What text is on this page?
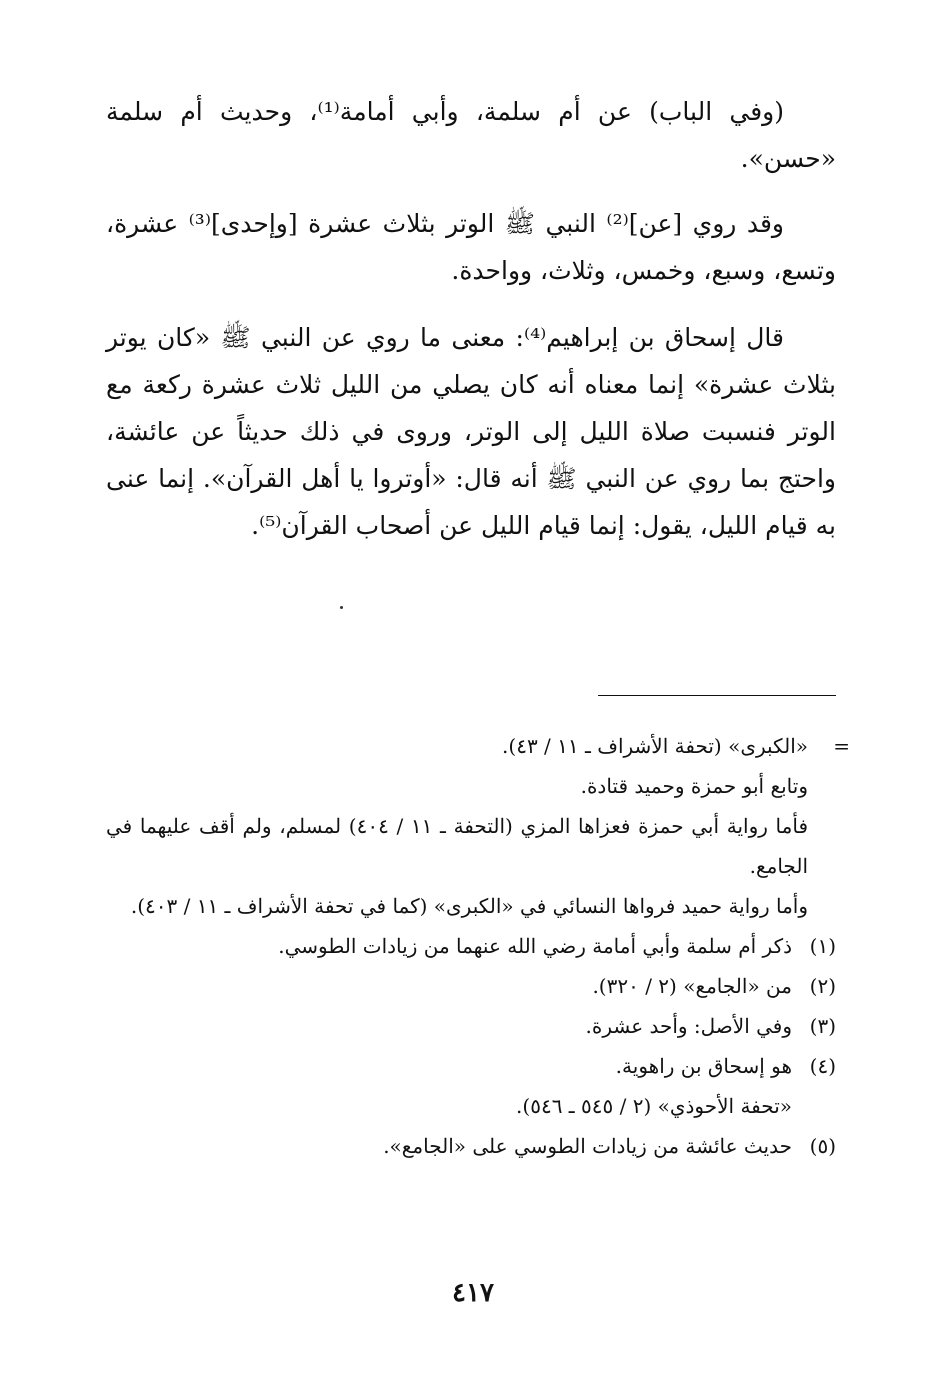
(وفي الباب) عن أم سلمة، وأبي أمامة⁽¹⁾، وحديث أم سلمة «حسن».

وقد روي [عن]⁽²⁾ النبي ﷺ الوتر بثلاث عشرة [وإحدى]⁽³⁾ عشرة، وتسع، وسبع، وخمس، وثلاث، وواحدة.

قال إسحاق بن إبراهيم⁽⁴⁾: معنى ما روي عن النبي ﷺ «كان يوتر بثلاث عشرة» إنما معناه أنه كان يصلي من الليل ثلاث عشرة ركعة مع الوتر فنسبت صلاة الليل إلى الوتر، وروى في ذلك حديثاً عن عائشة، واحتج بما روي عن النبي ﷺ أنه قال: «أوتروا يا أهل القرآن». إنما عنى به قيام الليل، يقول: إنما قيام الليل عن أصحاب القرآن⁽⁵⁾.

=

«الكبرى» (تحفة الأشراف ـ ١١ / ٤٣).

وتابع أبو حمزة وحميد قتادة.

فأما رواية أبي حمزة فعزاها المزي (التحفة ـ ١١ / ٤٠٤) لمسلم، ولم أقف عليهما في الجامع.

وأما رواية حميد فرواها النسائي في «الكبرى» (كما في تحفة الأشراف ـ ١١ / ٤٠٣).

(١)
ذكر أم سلمة وأبي أمامة رضي الله عنهما من زيادات الطوسي.
(٢)
من «الجامع» (٢ / ٣٢٠).
(٣)
وفي الأصل: وأحد عشرة.
(٤)
هو إسحاق بن راهوية.
«تحفة الأحوذي» (٢ / ٥٤٥ ـ ٥٤٦).
(٥)
حديث عائشة من زيادات الطوسي على «الجامع».
٤١٧
